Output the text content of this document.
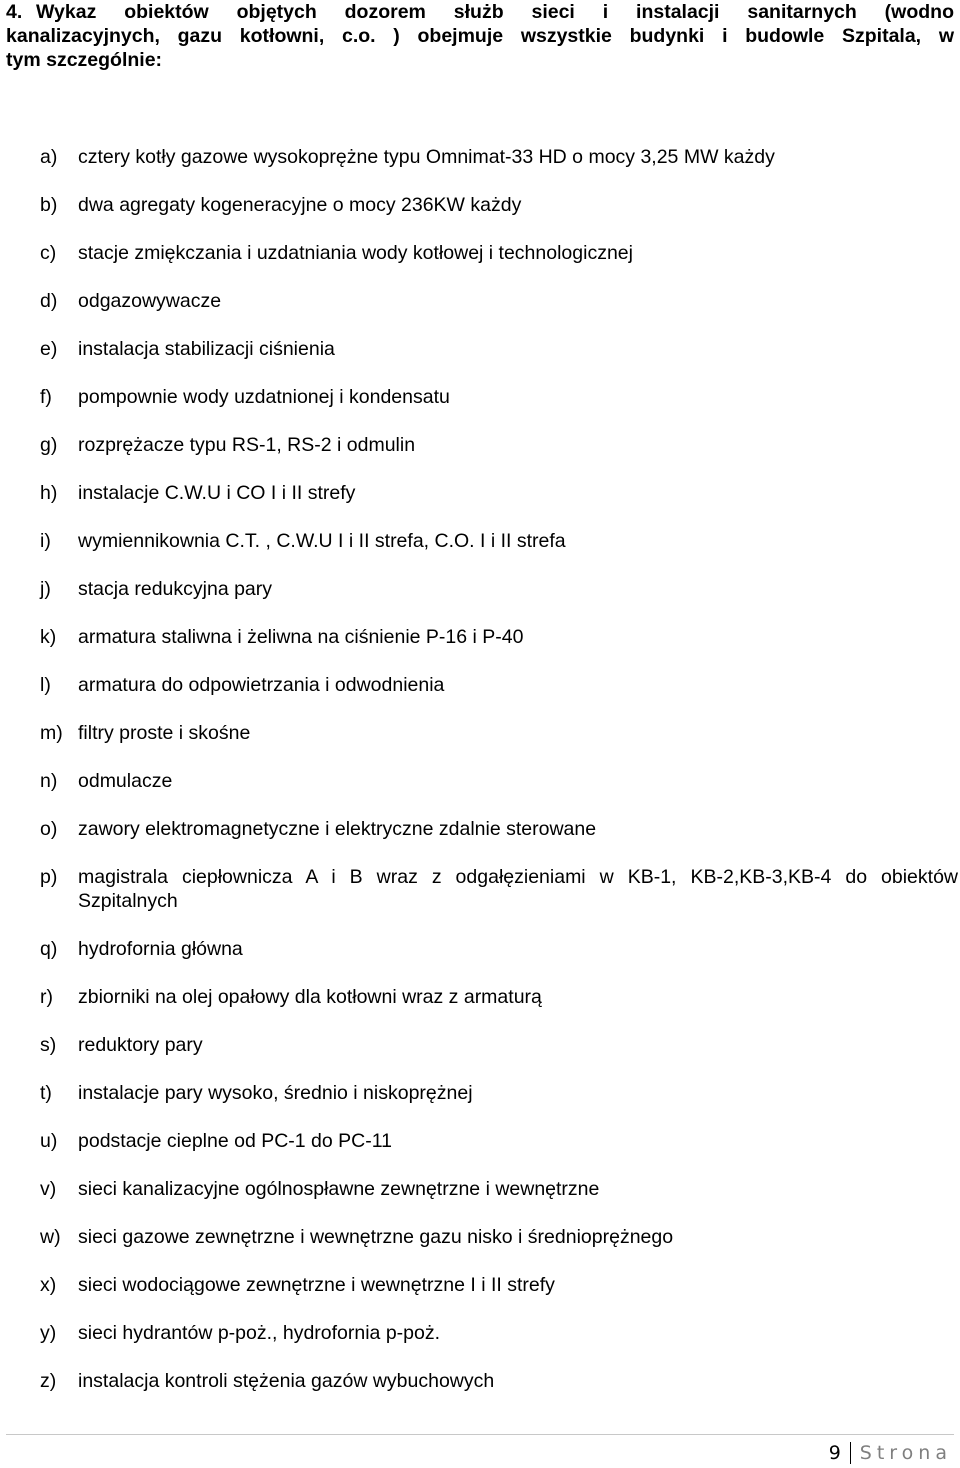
4. Wykaz obiektów objętych dozorem służb sieci i instalacji sanitarnych (wodno
kanalizacyjnych, gazu kotłowni, c.o. ) obejmuje wszystkie budynki i budowle Szpitala, w
tym szczególnie:
a)	cztery kotły gazowe wysokoprężne typu Omnimat-33 HD o mocy 3,25 MW każdy
b)	dwa agregaty kogeneracyjne o mocy 236KW każdy
c)	stacje zmiękczania i uzdatniania wody kotłowej i technologicznej
d)	odgazowywacze
e)	instalacja stabilizacji ciśnienia
f)	pompownie wody uzdatnionej i kondensatu
g)	rozprężacze typu RS-1, RS-2 i odmulin
h)	instalacje C.W.U i CO I i II strefy
i)	wymiennikownia C.T. , C.W.U I i II strefa, C.O. I i II strefa
j)	stacja redukcyjna pary
k)	armatura staliwna i żeliwna na ciśnienie P-16 i P-40
l)	armatura do odpowietrzania i odwodnienia
m) filtry proste i skośne
n)	odmulacze
o)	zawory elektromagnetyczne i elektryczne zdalnie sterowane
p)	magistrala ciepłownicza A i B wraz z odgałęzieniami w KB-1, KB-2,KB-3,KB-4 do obiektów Szpitalnych
q)	hydrofornia główna
r)	zbiorniki na olej opałowy dla kotłowni wraz z armaturą
s)	reduktory pary
t)	instalacje pary wysoko, średnio i niskoprężnej
u)	podstacje cieplne od PC-1 do PC-11
v)	sieci kanalizacyjne ogólnospławne zewnętrzne i wewnętrzne
w) sieci gazowe zewnętrzne i wewnętrzne gazu nisko i średnioprężnego
x)	sieci wodociągowe zewnętrzne i wewnętrzne I i II strefy
y)	sieci hydrantów p-poż., hydrofornia p-poż.
z)	instalacja kontroli stężenia gazów wybuchowych
9 Strona
